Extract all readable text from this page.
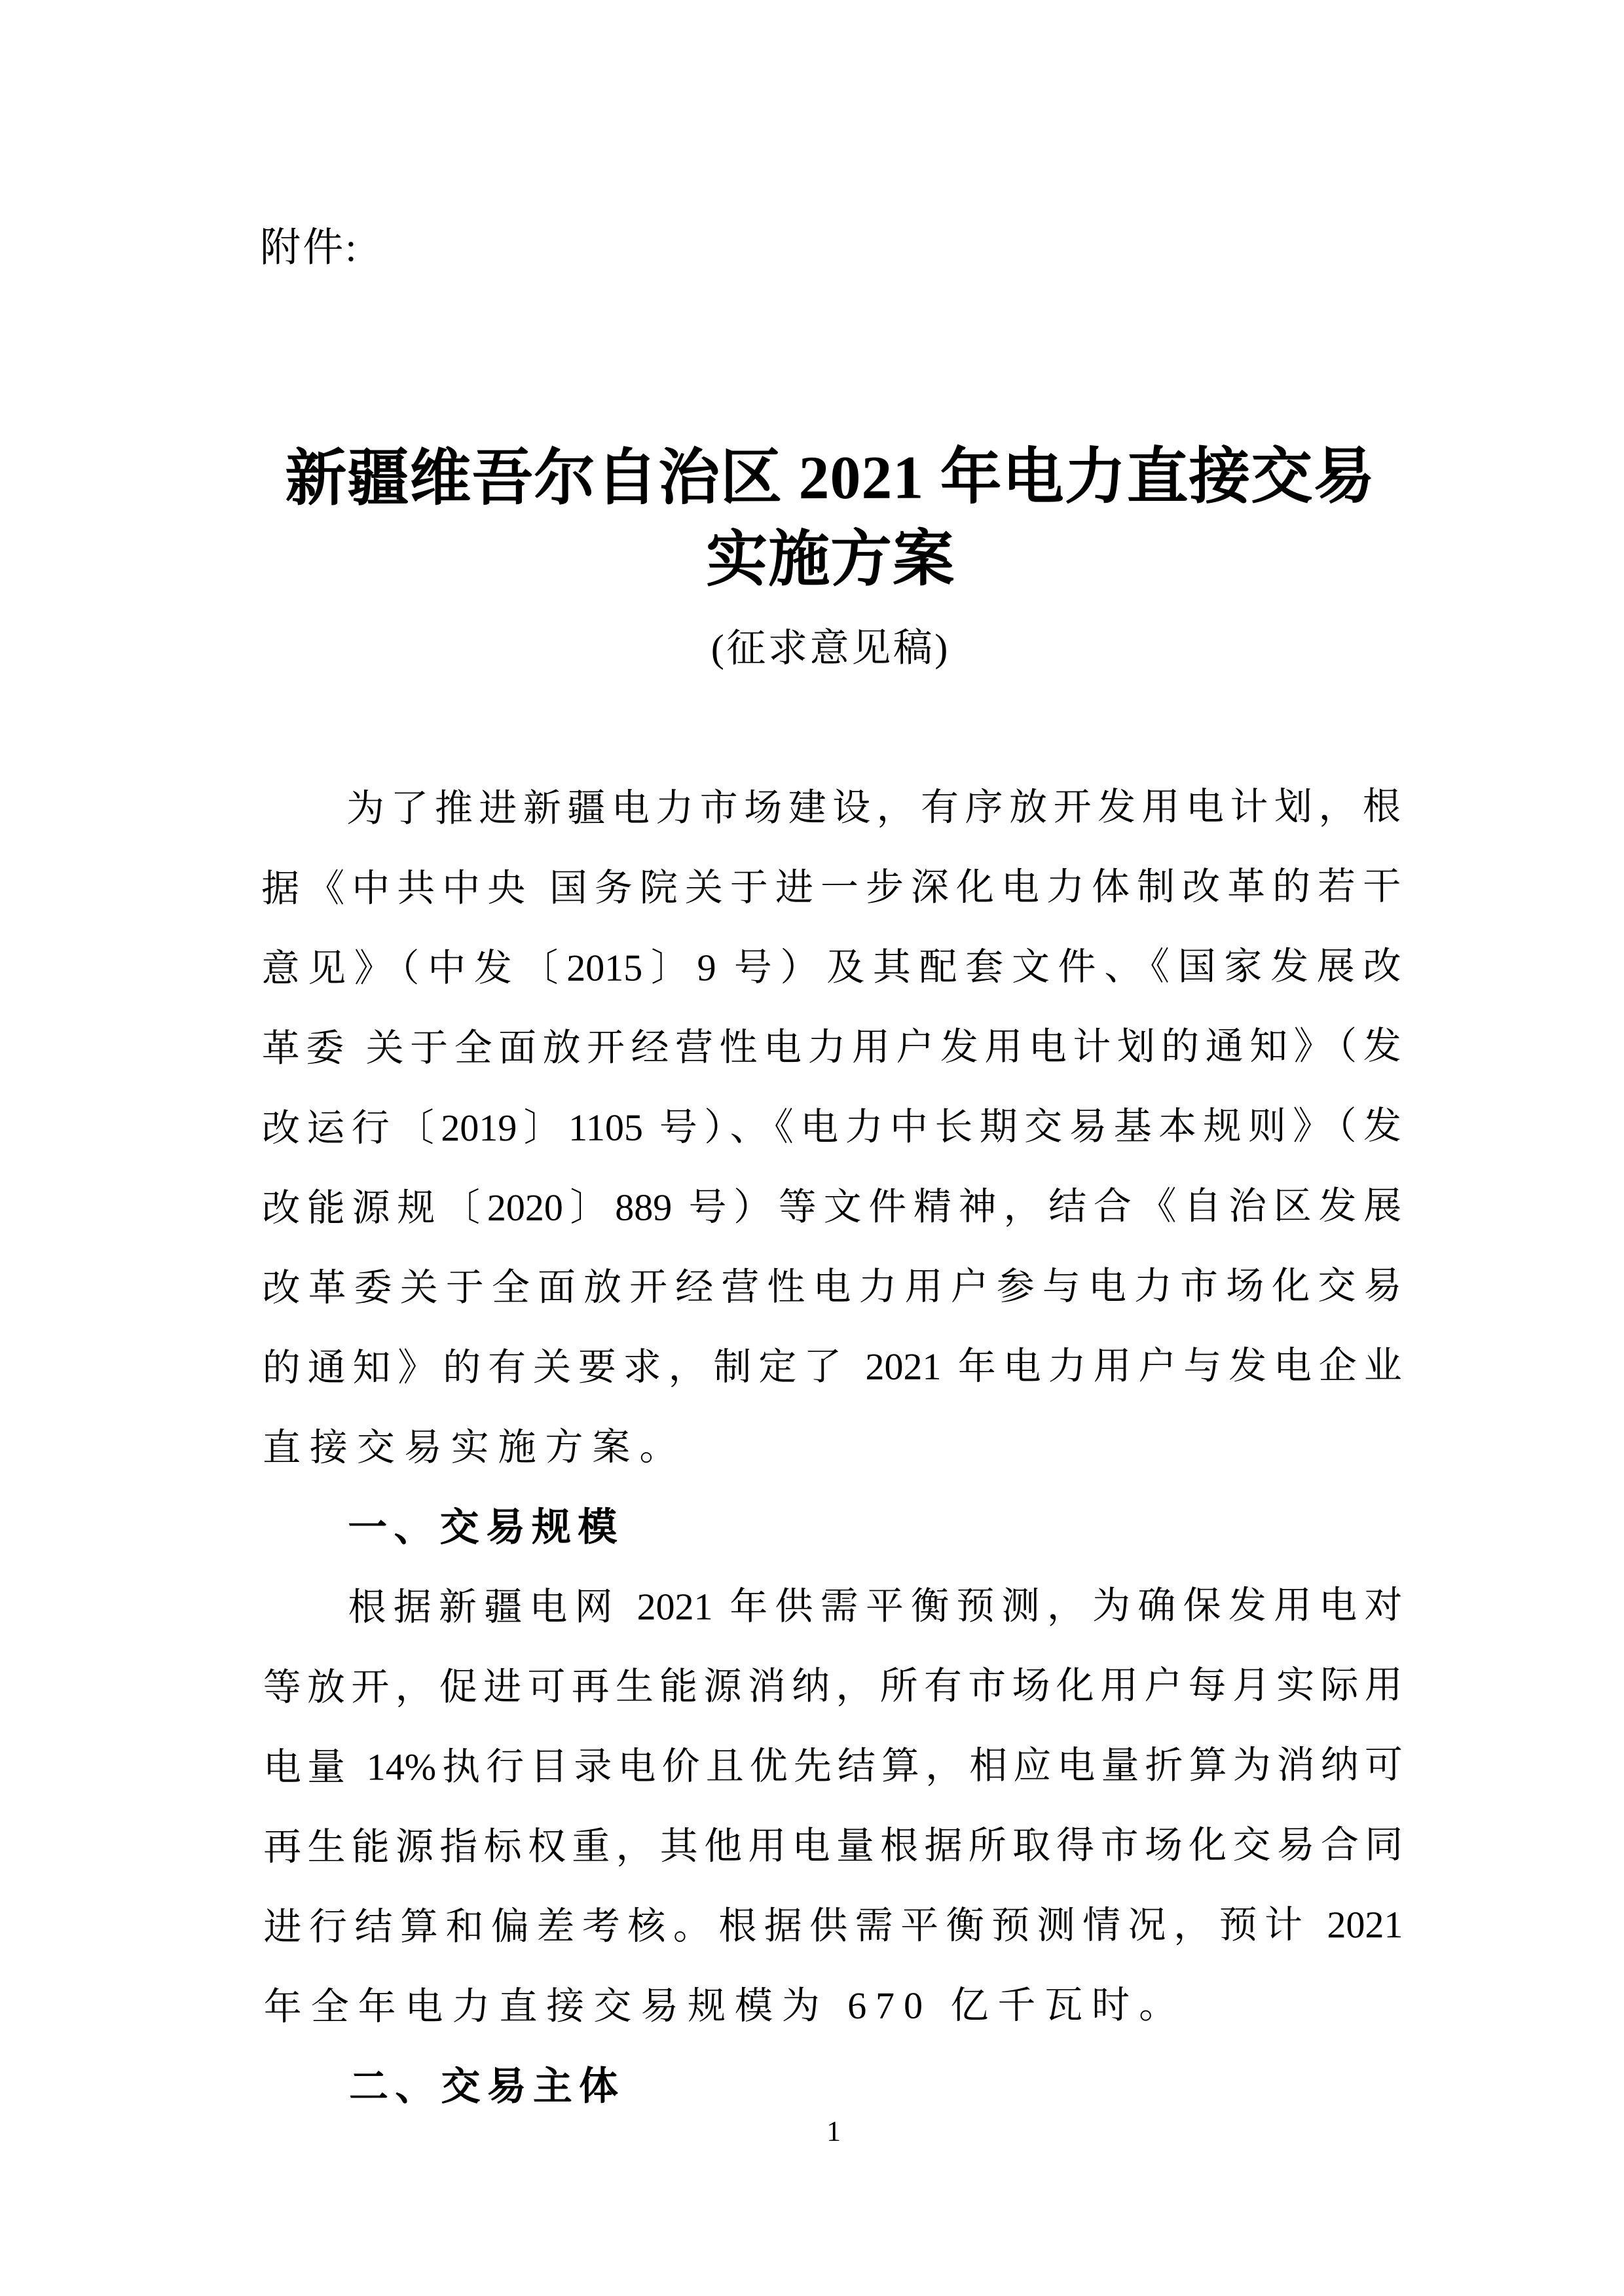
附件:
新疆维吾尔自治区 2021 年电力直接交易
实施方案
(征求意见稿)
为了推进新疆电力市场建设，有序放开发用电计划，根
据《中共中央 国务院关于进一步深化电力体制改革的若干
意见》（中发〔2015〕9 号）及其配套文件、《国家发展改
革委 关于全面放开经营性电力用户发用电计划的通知》（发
改运行〔2019〕1105 号）、《电力中长期交易基本规则》（发
改能源规〔2020〕889 号）等文件精神，结合《自治区发展
改革委关于全面放开经营性电力用户参与电力市场化交易
的通知》的有关要求，制定了 2021 年电力用户与发电企业
直接交易实施方案。
一、交易规模
根据新疆电网 2021 年供需平衡预测，为确保发用电对
等放开，促进可再生能源消纳，所有市场化用户每月实际用
电量 14%执行目录电价且优先结算，相应电量折算为消纳可
再生能源指标权重，其他用电量根据所取得市场化交易合同
进行结算和偏差考核。根据供需平衡预测情况，预计 2021
年全年电力直接交易规模为 670 亿千瓦时。
二、交易主体
1
